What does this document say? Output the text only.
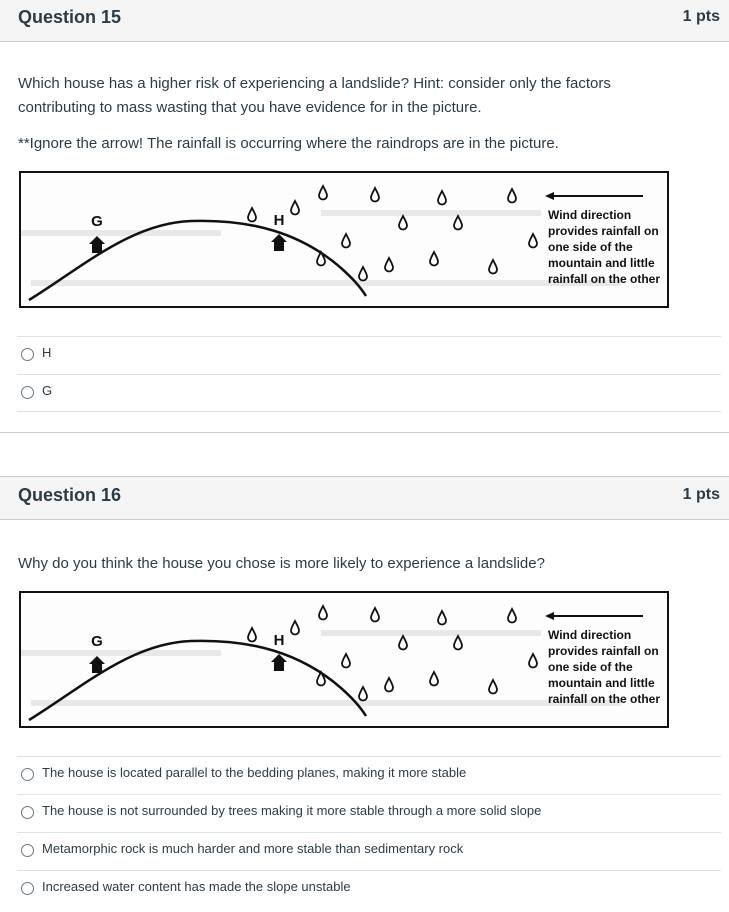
Question 15	1 pts
Which house has a higher risk of experiencing a landslide? Hint: consider only the factors
contributing to mass wasting that you have evidence for in the picture.
**Ignore the arrow! The rainfall is occurring where the raindrops are in the picture.
G	H	Wind direction
provides rainfall on
one side of the
mountain and little
rainfall on the other
H
G
Question 16	1 pts
Why do you think the house you chose is more likely to experience a landslide?
G	H	Wind direction
provides rainfall on
one side of the
mountain and little
rainfall on the other
The house is located parallel to the bedding planes, making it more stable
The house is not surrounded by trees making it more stable through a more solid slope
Metamorphic rock is much harder and more stable than sedimentary rock
Increased water content has made the slope unstable
